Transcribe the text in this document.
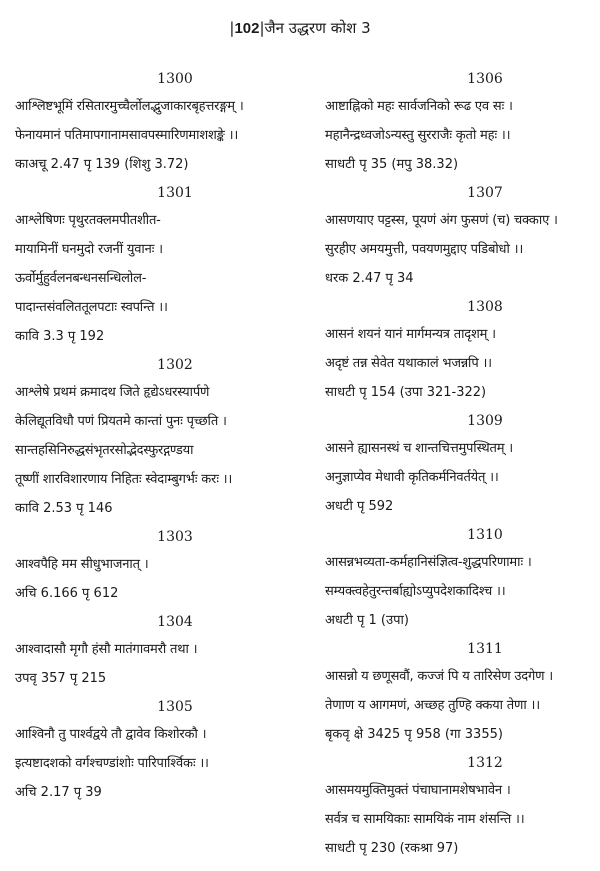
|102|जैन उद्धरण कोश 3
1300
आश्लिष्टभूमिं रसितारमुच्चैर्लोलद्भुजाकारबृहत्तरङ्गम् ।
फेनायमानं पतिमापगानामसावपस्मारिणमाशशङ्के ।।
काअचू 2.47 पृ 139 (शिशु 3.72)
1301
आश्लेषिणः पृथुरतक्लमपीतशीत-
मायामिनीं घनमुदो रजनीं युवानः ।
ऊर्वोर्मुहुर्वलनबन्धनसन्धिलोल-
पादान्तसंवलिततूलपटाः स्वपन्ति ।।
कावि 3.3 पृ 192
1302
आश्लेषे प्रथमं क्रमादथ जिते हृद्येऽधरस्यार्पणे
केलिद्यूतविधौ पणं प्रियतमे कान्तां पुनः पृच्छति ।
सान्तहसिनिरुद्धसंभृतरसोद्भेदस्फुरद्गण्डया
तूष्णीं शारविशारणाय निहितः स्वेदाम्बुगर्भः करः ।।
कावि 2.53 पृ 146
1303
आश्वपैहि मम सीधुभाजनात् ।
अचि 6.166 पृ 612
1304
आश्वादासौ मृगौ हंसौ मातंगावमरौ तथा ।
उपवृ 357 पृ 215
1305
आश्विनौ तु पार्श्वद्वये तौ द्वावेव किशोरकौ ।
इत्यष्टादशको वर्गश्चण्डांशोः पारिपार्श्विकः ।।
अचि 2.17 पृ 39
1306
आष्टाह्निको महः सार्वजनिको रूढ एव सः ।
महानैन्द्रध्वजोऽन्यस्तु सुरराजैः कृतो महः ।।
साधटी पृ 35 (मपु 38.32)
1307
आसणयाए पट्टस्स, पूयणं अंग फुसणं (च) चक्काए ।
सुरहीए अमयमुत्ती, पवयणमुद्दाए पडिबोधो ।।
धरक 2.47 पृ 34
1308
आसनं शयनं यानं मार्गमन्यत्र तादृशम् ।
अदृष्टं तन्न सेवेत यथाकालं भजन्नपि ।।
साधटी पृ 154 (उपा 321-322)
1309
आसने ह्यासनस्थं च शान्तचित्तमुपस्थितम् ।
अनुज्ञाप्येव मेधावी कृतिकर्मनिवर्तयेत् ।।
अधटी पृ 592
1310
आसन्नभव्यता-कर्महानिसंज्ञित्व-शुद्धपरिणामाः ।
सम्यक्त्वहेतुरन्तर्बाह्योऽप्युपदेशकादिश्च ।।
अधटी पृ 1 (उपा)
1311
आसन्नो य छणूसवौं, कज्जं पि य तारिसेण उदगेण ।
तेणाण य आगमणं, अच्छह तुण्हि क्कया तेणा ।।
बृकवृ क्षे 3425 पृ 958 (गा 3355)
1312
आसमयमुक्तिमुक्तं पंचाघानामशेषभावेन ।
सर्वत्र च सामयिकाः सामयिकं नाम शंसन्ति ।।
साधटी पृ 230 (रकश्रा 97)
